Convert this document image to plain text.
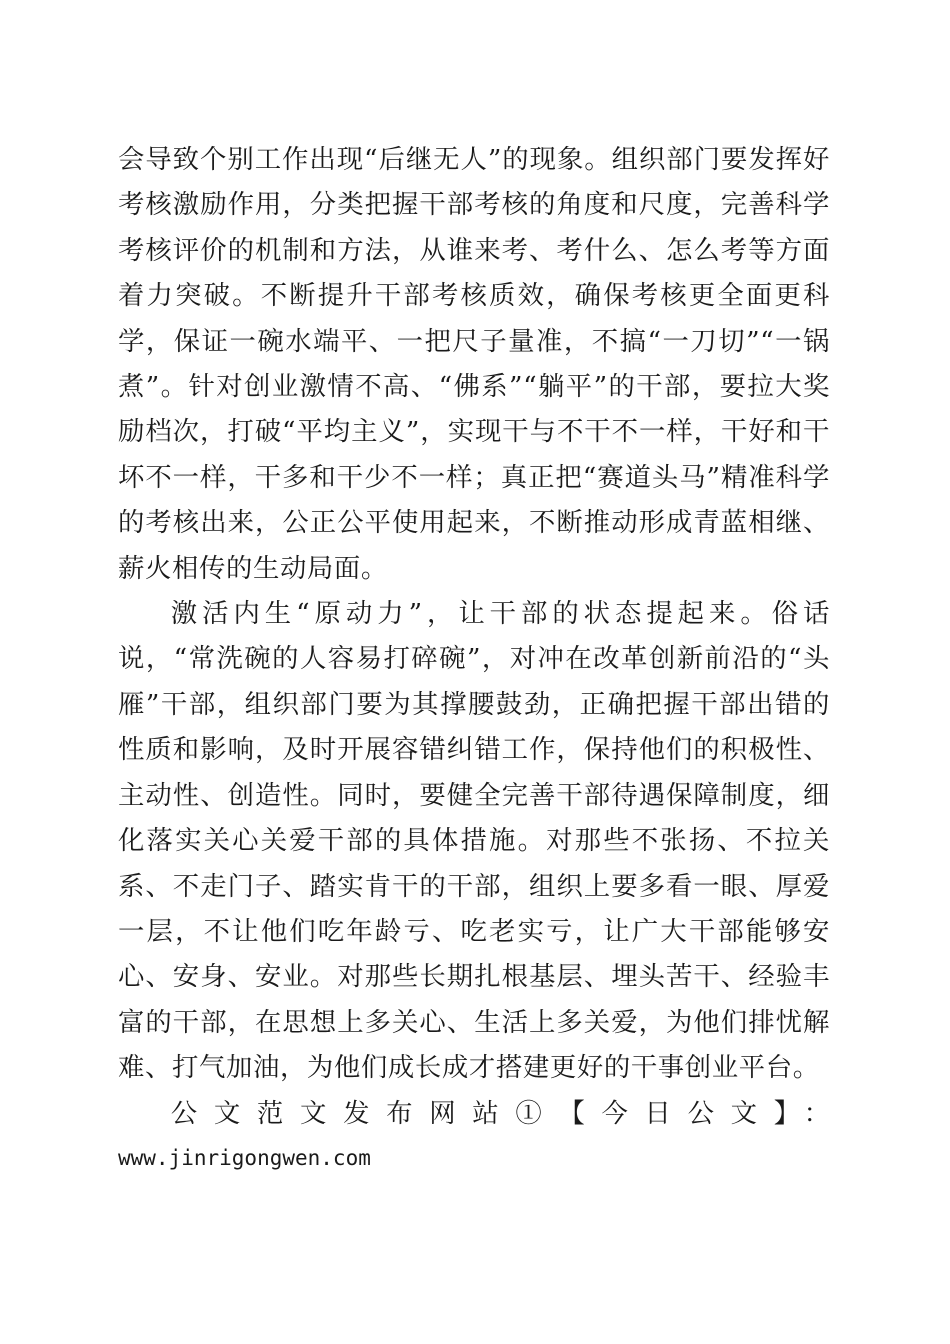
会导致个别工作出现“后继无人”的现象。组织部门要发挥好考核激励作用，分类把握干部考核的角度和尺度，完善科学考核评价的机制和方法，从谁来考、考什么、怎么考等方面着力突破。不断提升干部考核质效，确保考核更全面更科学，保证一碗水端平、一把尺子量准，不搞“一刀切”“一锅煮”。针对创业激情不高、“佛系”“躺平”的干部，要拉大奖励档次，打破“平均主义”，实现干与不干不一样，干好和干坏不一样，干多和干少不一样；真正把“赛道头马”精准科学的考核出来，公正公平使用起来，不断推动形成青蓝相继、薪火相传的生动局面。

激活内生“原动力”，让干部的状态提起来。俗话说，“常洗碗的人容易打碎碗”，对冲在改革创新前沿的“头雁”干部，组织部门要为其撑腰鼓劲，正确把握干部出错的性质和影响，及时开展容错纠错工作，保持他们的积极性、主动性、创造性。同时，要健全完善干部待遇保障制度，细化落实关心关爱干部的具体措施。对那些不张扬、不拉关系、不走门子、踏实肯干的干部，组织上要多看一眼、厚爱一层，不让他们吃年龄亏、吃老实亏，让广大干部能够安心、安身、安业。对那些长期扎根基层、埋头苦干、经验丰富的干部，在思想上多关心、生活上多关爱，为他们排忧解难、打气加油，为他们成长成才搭建更好的干事创业平台。

公文范文发布网站①【今日公文】：

www.jinrigongwen.com
